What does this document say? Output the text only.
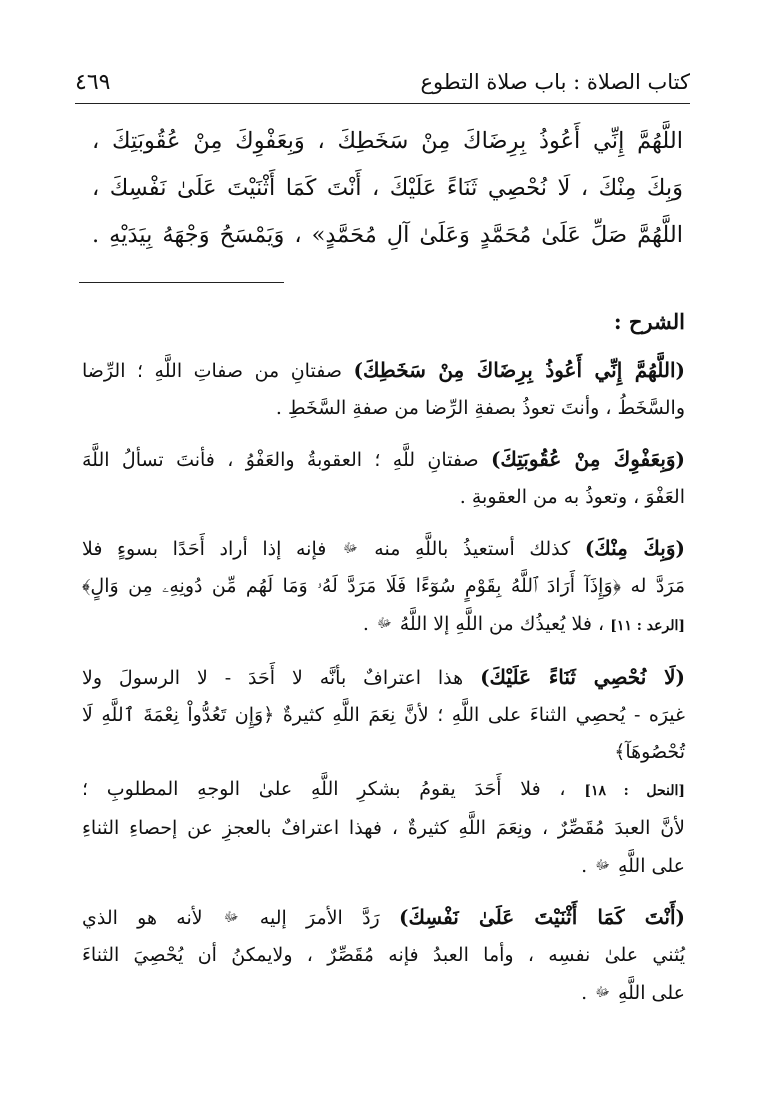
كتاب الصلاة : باب صلاة التطوع
٤٦٩
اللَّهُمَّ إِنِّي أَعُوذُ بِرِضَاكَ مِنْ سَخَطِكَ ، وَبِعَفْوِكَ مِنْ عُقُوبَتِكَ ،
وَبِكَ مِنْكَ ، لَا نُحْصِي ثَنَاءً عَلَيْكَ ، أَنْتَ كَمَا أَثْنَيْتَ عَلَىٰ نَفْسِكَ ،
اللَّهُمَّ صَلِّ عَلَىٰ مُحَمَّدٍ وَعَلَىٰ آلِ مُحَمَّدٍ» ، وَيَمْسَحُ وَجْهَهُ بِيَدَيْهِ .
الشرح :
(اللَّهُمَّ إِنِّي أَعُوذُ بِرِضَاكَ مِنْ سَخَطِكَ) صفتانِ من صفاتِ اللَّهِ ؛ الرِّضا
والسَّخَطُ ، وأنتَ تعوذُ بصفةِ الرِّضا من صفةِ السَّخَطِ .
(وَبِعَفْوِكَ مِنْ عُقُوبَتِكَ) صفتانِ للَّهِ ؛ العقوبةُ والعَفْوُ ، فأنتَ تسألُ اللَّهَ
العَفْوَ ، وتعوذُ به من العقوبةِ .
(وَبِكَ مِنْكَ) كذلك أستعيذُ باللَّهِ منه ﷻ فإنه إذا أراد أَحَدًا بسوءٍ فلا
مَرَدَّ له ﴿وَإِذَآ أَرَادَ ٱللَّهُ بِقَوْمٍ سُوٓءًا فَلَا مَرَدَّ لَهُۥ وَمَا لَهُم مِّن دُونِهِۦ مِن وَالٍ﴾
[الرعد : ١١] ، فلا يُعيذُك من اللَّهِ إلا اللَّهُ ﷻ .
(لَا نُحْصِي ثَنَاءً عَلَيْكَ) هذا اعترافٌ بأنَّه لا أَحَدَ - لا الرسولَ ولا
غيرَه - يُحصِي الثناءَ على اللَّهِ ؛ لأنَّ نِعَمَ اللَّهِ كثيرةٌ ﴿وَإِن تَعُدُّواْ نِعْمَةَ ٱللَّهِ لَا تُحْصُوهَآ﴾
[النحل : ١٨] ، فلا أَحَدَ يقومُ بشكرِ اللَّهِ علىٰ الوجهِ المطلوبِ ؛
لأنَّ العبدَ مُقَصِّرٌ ، ونِعَمَ اللَّهِ كثيرةٌ ، فهذا اعترافٌ بالعجزِ عن إحصاءِ الثناءِ
على اللَّهِ ﷻ .
(أَنْتَ كَمَا أَثْنَيْتَ عَلَىٰ نَفْسِكَ) رَدَّ الأمرَ إليه ﷻ لأنه هو الذي
يُثني علىٰ نفسِه ، وأما العبدُ فإنه مُقَصِّرٌ ، ولايمكنُ أن يُحْصِيَ الثناءَ
على اللَّهِ ﷻ .
